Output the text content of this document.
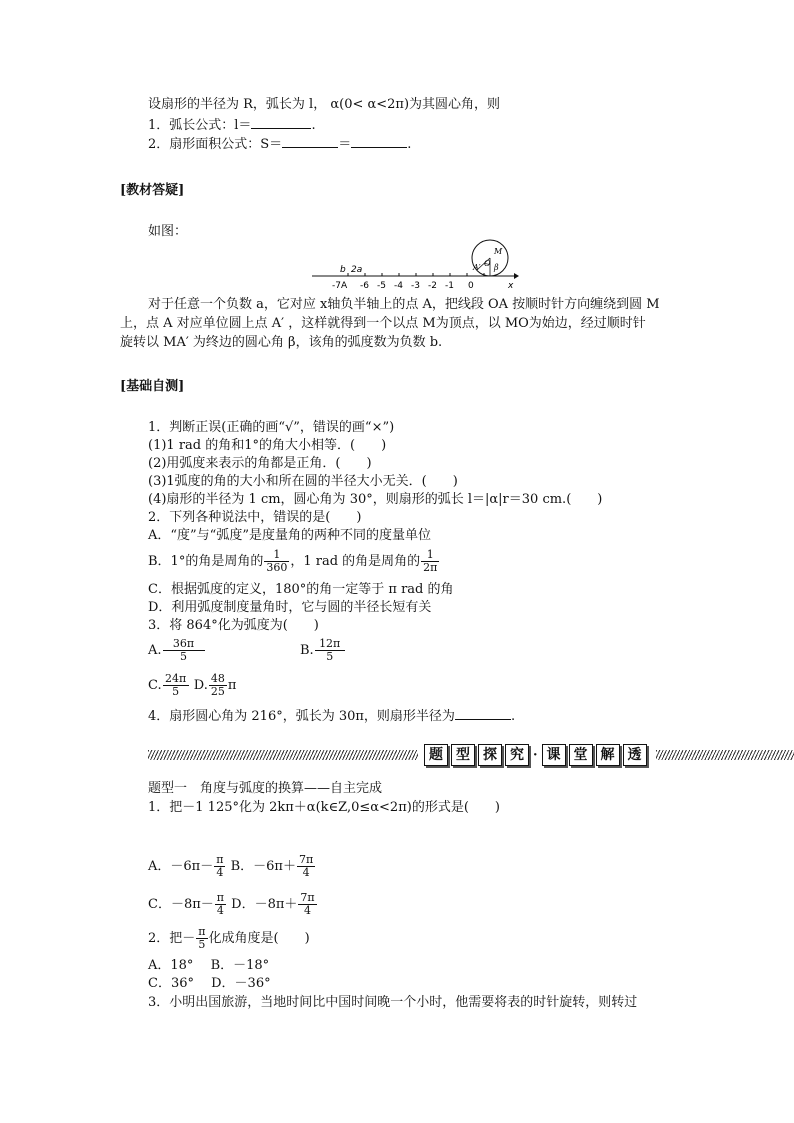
设扇形的半径为 R，弧长为 l， α(0< α<2π)为其圆心角，则
1．弧长公式：l＝	.
2．扇形面积公式：S＝	＝	.
[教材答疑]
如图：
-7A -6 -5 -4 -3 -2 -1 0	x
b 2a
M
A′ O β
对于任意一个负数 a，它对应 x轴负半轴上的点 A，把线段 OA 按顺时针方向缠绕到圆 M
上，点 A 对应单位圆上点 A′ ，这样就得到一个以点 M为顶点，以 MO为始边，经过顺时针
旋转以 MA′ 为终边的圆心角 β，该角的弧度数为负数 b.
[基础自测]
1．判断正误(正确的画“√”，错误的画“×”)
(1)1 rad 的角和1°的角大小相等．(　　)
(2)用弧度来表示的角都是正角．(　　)
(3)1弧度的角的大小和所在圆的半径大小无关．(　　)
(4)扇形的半径为 1 cm，圆心角为 30°，则扇形的弧长 l＝|α|r＝30 cm.(　　)
2．下列各种说法中，错误的是(　　)
A．“度”与“弧度”是度量角的两种不同的度量单位
B．1°的角是周角的 $\frac{1}{360}$ ，1 rad 的角是周角的 $\frac{1}{2\pi}$
C．根据弧度的定义，180°的角一定等于 π rad 的角
D．利用弧度制度量角时，它与圆的半径长短有关
3．将 864°化为弧度为(　　)
A. $\frac{36\pi}{5}$	B. $\frac{12\pi}{5}$
C. $\frac{24\pi}{5} D$. $\frac{48}{25}$ π
4．扇形圆心角为 216°，弧长为 30π，则扇形半径为	.
题 型 探 究 · 课 堂 解 透
题型一　角度与弧度的换算——自主完成
1．把－1 125°化为 2kπ＋α(k∈Z,0≤α<2π)的形式是(　　)
A．$-6\pi- \frac{\pi}{4}$ B．$-6\pi+ \frac{7\pi}{4}$
C．$-8\pi- \frac{\pi}{4}$ D．$-8\pi+ \frac{7\pi}{4}$
2．把－ $\frac{\pi}{5}$ 化成角度是(　　)
A．18°　 B．－18°
C．36°　 D．－36°
3．小明出国旅游，当地时间比中国时间晚一个小时，他需要将表的时针旋转，则转过
